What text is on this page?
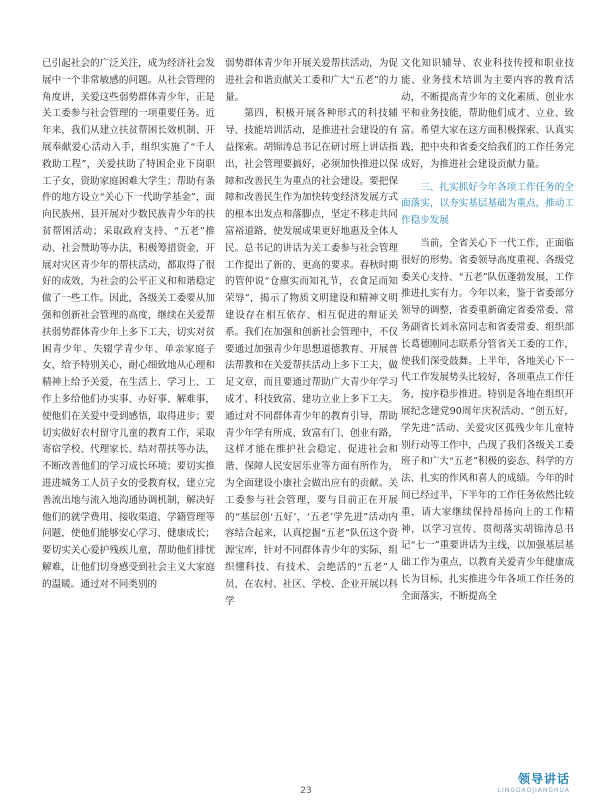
已引起社会的广泛关注，成为经济社会发展中一个非常敏感的问题。从社会管理的角度讲，关爱这些弱势群体青少年，正是关工委参与社会管理的一项重要任务。近年来，我们从建立扶贫帮困长效机制、开展奉献爱心活动入手，组织实施了“千人救助工程”，关爱扶助了特困企业下岗职工子女，资助家庭困难大学生；帮助有条件的地方设立“关心下一代助学基金”，面向民族州、县开展对少数民族青少年的扶贫帮困活动；采取政府支持、“五老”推动、社会赞助等办法，积极筹措资金，开展对灾区青少年的帮扶活动，都取得了很好的成效，为社会的公平正义和和谐稳定做了一些工作。因此，各级关工委要从加强和创新社会管理的高度，继续在关爱帮扶弱势群体青少年上多下工夫，切实对贫困青少年、失辍学青少年、单亲家庭子女，给予特别关心，耐心细致地从心理和精神上给予关爱，在生活上、学习上、工作上多给他们办实事、办好事、解难事，使他们在关爱中受到感悟，取得进步；要切实做好农村留守儿童的教育工作，采取寄宿学校、代理家长、结对帮扶等办法，不断改善他们的学习成长环境；要切实推进进城务工人员子女的受教育权，建立完善流出地与流入地沟通协调机制，解决好他们的就学费用、接收渠道、学籍管理等问题，使他们能够安心学习、健康成长；要切实关心爱护残疾儿童，帮助他们排忧解难，让他们切身感受到社会主义大家庭的温暖。通过对不同类别的

弱势群体青少年开展关爱帮扶活动，为促进社会和谐贡献关工委和广大“五老”的力量。

第四，积极开展各种形式的科技辅导、技能培训活动，是推进社会建设的有益探索。胡锦涛总书记在研讨班上讲话指出，社会管理要搞好，必须加快推进以保障和改善民生为重点的社会建设。要把保障和改善民生作为加快转变经济发展方式的根本出发点和落脚点，坚定不移走共同富裕道路，使发展成果更好地惠及全体人民。总书记的讲话为关工委参与社会管理工作提出了新的、更高的要求。春秋时期的管仲说“仓廪实而知礼节，衣食足而知荣辱”，揭示了物质文明建设和精神文明建设存在相互依存、相互促进的辩证关系。我们在加强和创新社会管理中，不仅要通过加强青少年思想道德教育、开展普法帮教和在关爱帮扶活动上多下工夫，做足文章，而且要通过帮助广大青少年学习成才、科技致富、建功立业上多下工夫。通过对不同群体青少年的教育引导，帮助青少年学有所成、致富有门、创业有路，这样才能在维护社会稳定、促进社会和谐、保障人民安居乐业等方面有所作为，为全面建设小康社会做出应有的贡献。关工委参与社会管理，要与目前正在开展的“基层创‘五好’，‘五老’学先进”活动内容结合起来，认真挖掘“五老”队伍这个资源宝库，针对不同群体青少年的实际，组织懂科技、有技术、会绝活的“五老”人员，在农村、社区、学校、企业开展以科学

文化知识辅导、农业科技传授和职业技能、业务技术培训为主要内容的教育活动，不断提高青少年的文化素质、创业水平和业务技能，帮助他们成才、立业、致富。希望大家在这方面积极探索、认真实践，把中央和省委交给我们的工作任务完成好，为推进社会建设贡献力量。

三、扎实抓好今年各项工作任务的全面落实，以夯实基层基础为重点，推动工作稳步发展

当前，全省关心下一代工作，正面临很好的形势。省委领导高度重视、各级党委关心支持、“五老”队伍蓬勃发展，工作推进扎实有力。今年以来，鉴于省委部分领导的调整，省委重新确定省委常委、常务副省长刘永富同志和省委常委、组织部长葛德刚同志联系分管省关工委的工作，使我们深受鼓舞。上半年，各地关心下一代工作发展势头比较好，各项重点工作任务，按序稳步推进。特别是各地在组织开展纪念建党90周年庆祝活动、“创五好，学先进”活动、关爱灾区孤残少年儿童特别行动等工作中，凸现了我们各级关工委班子和广大“五老”积极的姿态、科学的方法、扎实的作风和喜人的成绩。今年的时间已经过半，下半年的工作任务依然比较重，请大家继续保持昂扬向上的工作精神，以学习宣传、贯彻落实胡锦涛总书记“七一”重要讲话为主线，以加强基层基础工作为重点，以教育关爱青少年健康成长为目标，扎实推进今年各项工作任务的全面落实，不断提高全

23
领导讲话
LINGDAOJIANGHUA
